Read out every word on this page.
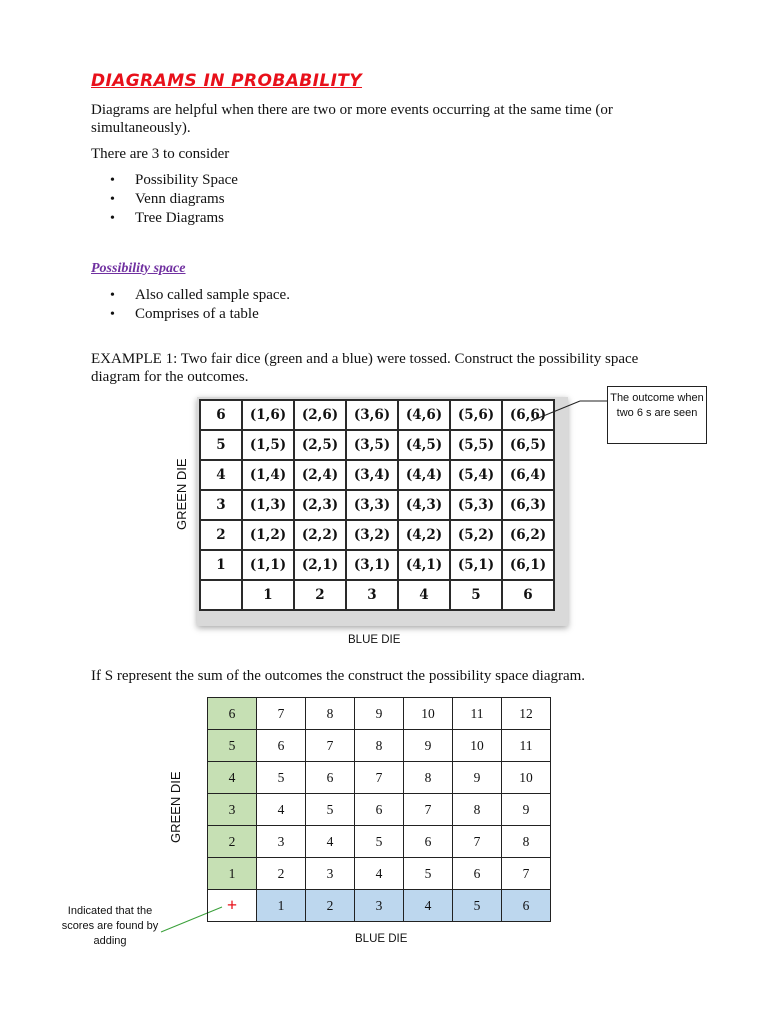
DIAGRAMS IN PROBABILITY
Diagrams are helpful when there are two or more events occurring at the same time (or simultaneously).
There are 3 to consider
• Possibility Space
• Venn diagrams
• Tree Diagrams
Possibility space
• Also called sample space.
• Comprises of a table
EXAMPLE 1: Two fair dice (green and a blue) were tossed. Construct the possibility space diagram for the outcomes.
6	(1,6)	(2,6)	(3,6)	(4,6)	(5,6)	(6,6)
5	(1,5)	(2,5)	(3,5)	(4,5)	(5,5)	(6,5)
4	(1,4)	(2,4)	(3,4)	(4,4)	(5,4)	(6,4)
3	(1,3)	(2,3)	(3,3)	(4,3)	(5,3)	(6,3)
2	(1,2)	(2,2)	(3,2)	(4,2)	(5,2)	(6,2)
1	(1,1)	(2,1)	(3,1)	(4,1)	(5,1)	(6,1)
	1	2	3	4	5	6
GREEN DIE
BLUE DIE
The outcome when two 6 s are seen
If S represent the sum of the outcomes the construct the possibility space diagram.
6	7	8	9	10	11	12
5	6	7	8	9	10	11
4	5	6	7	8	9	10
3	4	5	6	7	8	9
2	3	4	5	6	7	8
1	2	3	4	5	6	7
+	1	2	3	4	5	6
GREEN DIE
BLUE DIE
Indicated that the scores are found by adding
